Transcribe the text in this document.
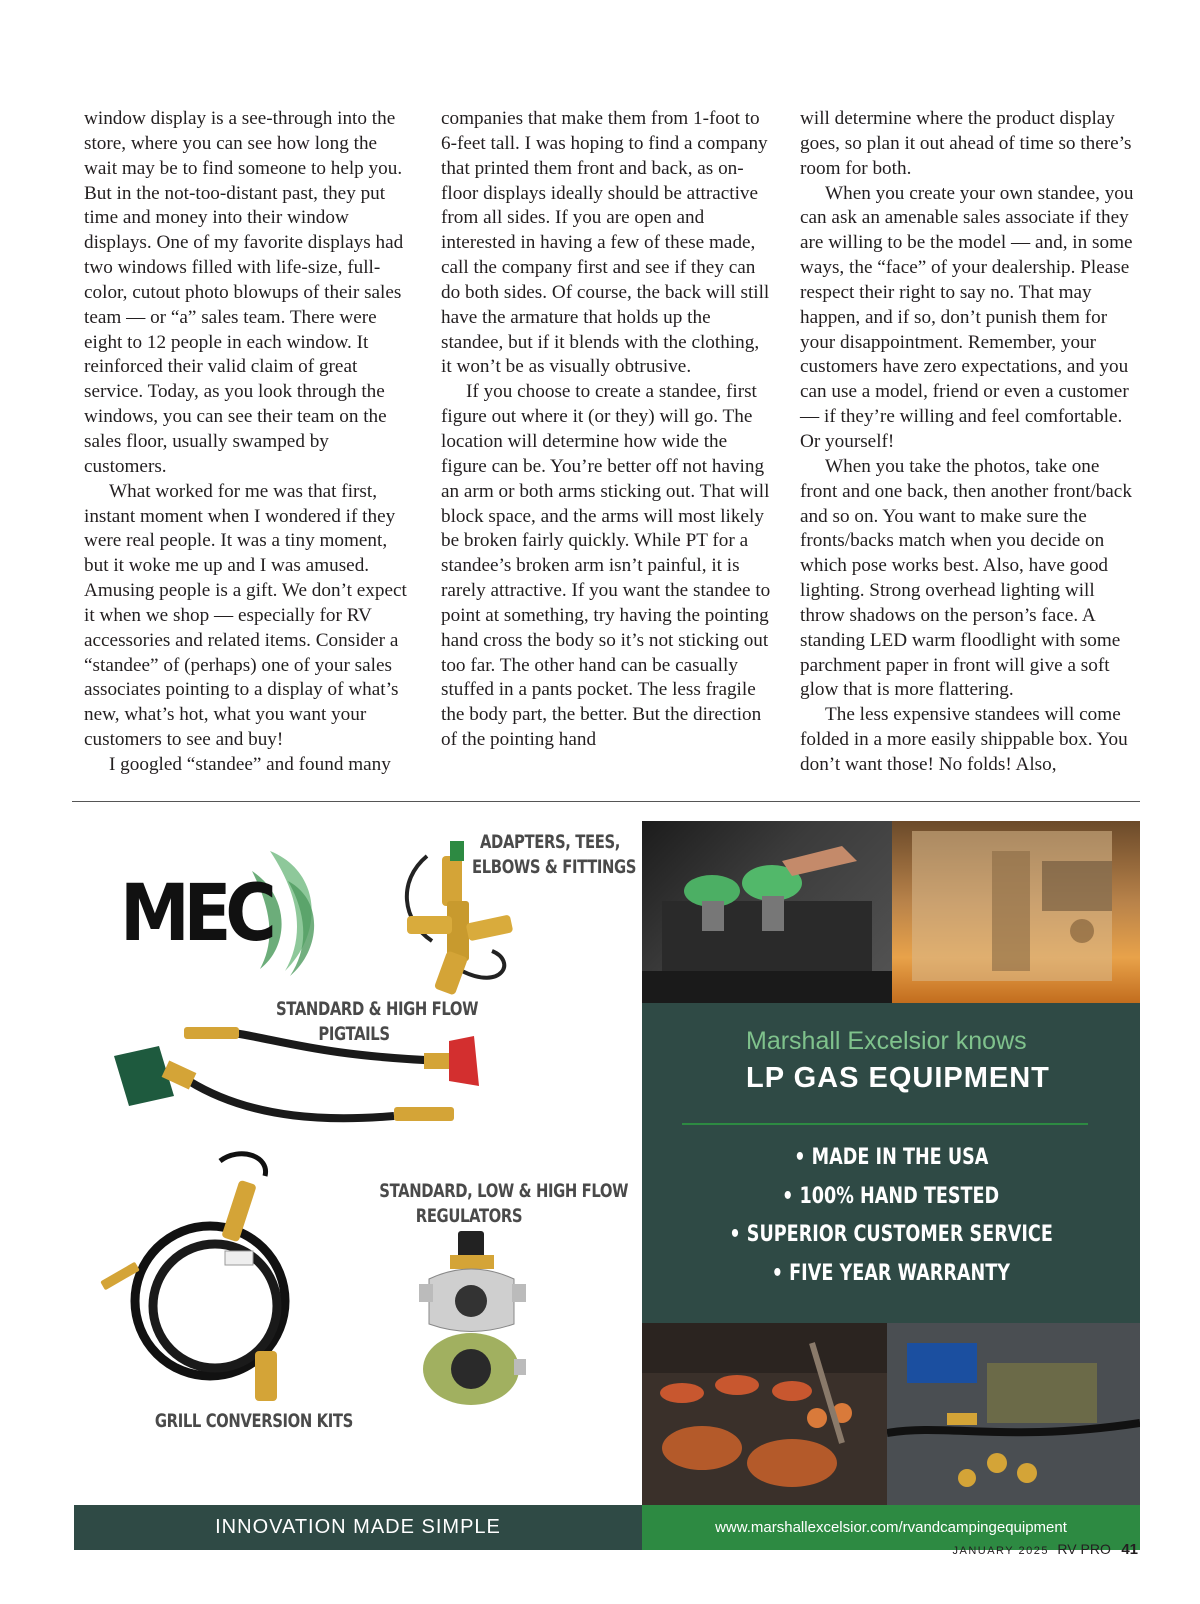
window display is a see-through into the store, where you can see how long the wait may be to find someone to help you. But in the not-too-distant past, they put time and money into their window displays. One of my favorite displays had two windows filled with life-size, full-color, cutout photo blowups of their sales team — or “a” sales team. There were eight to 12 people in each window. It reinforced their valid claim of great service. Today, as you look through the windows, you can see their team on the sales floor, usually swamped by customers.

What worked for me was that first, instant moment when I wondered if they were real people. It was a tiny moment, but it woke me up and I was amused. Amusing people is a gift. We don’t expect it when we shop — especially for RV accessories and related items. Consider a “standee” of (perhaps) one of your sales associates pointing to a display of what’s new, what’s hot, what you want your customers to see and buy!

I googled “standee” and found many

companies that make them from 1-foot to 6-feet tall. I was hoping to find a company that printed them front and back, as on-floor displays ideally should be attractive from all sides. If you are open and interested in having a few of these made, call the company first and see if they can do both sides. Of course, the back will still have the armature that holds up the standee, but if it blends with the clothing, it won’t be as visually obtrusive.

If you choose to create a standee, first figure out where it (or they) will go. The location will determine how wide the figure can be. You’re better off not having an arm or both arms sticking out. That will block space, and the arms will most likely be broken fairly quickly. While PT for a standee’s broken arm isn’t painful, it is rarely attractive. If you want the standee to point at something, try having the pointing hand cross the body so it’s not sticking out too far. The other hand can be casually stuffed in a pants pocket. The less fragile the body part, the better. But the direction of the pointing hand

will determine where the product display goes, so plan it out ahead of time so there’s room for both.

When you create your own standee, you can ask an amenable sales associate if they are willing to be the model — and, in some ways, the “face” of your dealership. Please respect their right to say no. That may happen, and if so, don’t punish them for your disappointment. Remember, your customers have zero expectations, and you can use a model, friend or even a customer — if they’re willing and feel comfortable. Or yourself!

When you take the photos, take one front and one back, then another front/back and so on. You want to make sure the fronts/backs match when you decide on which pose works best. Also, have good lighting. Strong overhead lighting will throw shadows on the person’s face. A standing LED warm floodlight with some parchment paper in front will give a soft glow that is more flattering.

The less expensive standees will come folded in a more easily shippable box. You don’t want those! No folds! Also,

MEC
ADAPTERS, TEES,
ELBOWS & FITTINGS
STANDARD & HIGH FLOW
PIGTAILS
GRILL CONVERSION KITS
STANDARD, LOW & HIGH FLOW
REGULATORS
Marshall Excelsior knows
LP GAS EQUIPMENT
• MADE IN THE USA
• 100% HAND TESTED
• SUPERIOR CUSTOMER SERVICE
• FIVE YEAR WARRANTY
INNOVATION MADE SIMPLE	www.marshallexcelsior.com/rvandcampingequipment
JANUARY 2025 RV PRO 41
